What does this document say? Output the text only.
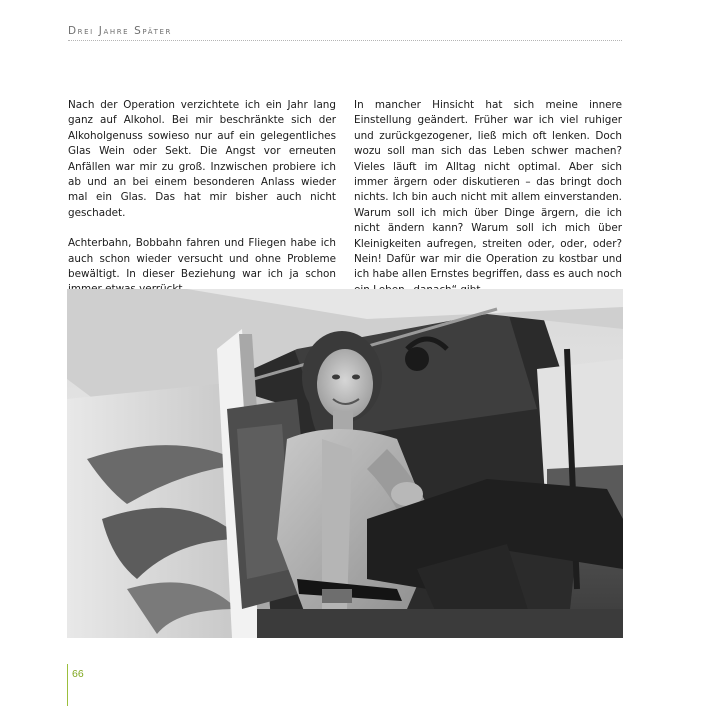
Drei Jahre Später

Nach der Operation verzichtete ich ein Jahr lang ganz auf Alkohol. Bei mir beschränkte sich der Alkoholgenuss sowieso nur auf ein gelegentliches Glas Wein oder Sekt. Die Angst vor erneuten Anfällen war mir zu groß. Inzwischen probiere ich ab und an bei einem besonderen Anlass wieder mal ein Glas. Das hat mir bisher auch nicht geschadet.

Achterbahn, Bobbahn fahren und Fliegen habe ich auch schon wieder versucht und ohne Probleme bewältigt. In dieser Beziehung war ich ja schon

In mancher Hinsicht hat sich meine innere Einstellung geändert. Früher war ich viel ruhiger und zurückgezogener, ließ mich oft lenken. Doch wozu soll man sich das Leben schwer machen? Vieles läuft im Alltag nicht optimal. Aber sich immer ärgern oder diskutieren – das bringt doch nichts. Ich bin auch nicht mit allem einverstanden. Warum soll ich mich über Dinge ärgern, die ich nicht ändern kann? Warum soll ich mich über Kleinigkeiten aufregen, streiten oder, oder, oder? Nein! Dafür war mir die Operation zu kostbar und ich habe allen Ernstes begriffen, dass es auch noch

66
